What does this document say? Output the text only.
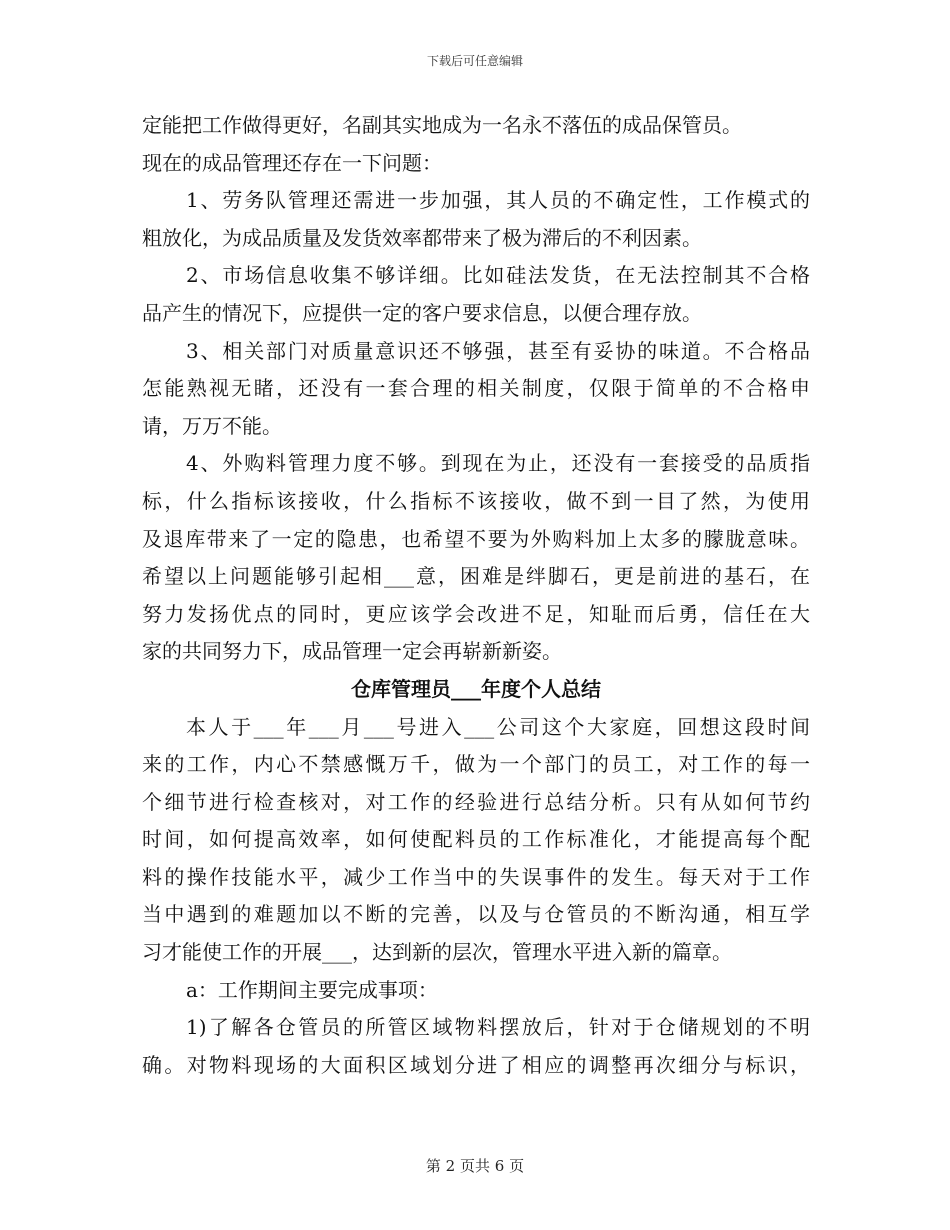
下载后可任意编辑
定能把工作做得更好，名副其实地成为一名永不落伍的成品保管员。
现在的成品管理还存在一下问题：
1、劳务队管理还需进一步加强，其人员的不确定性，工作模式的
粗放化，为成品质量及发货效率都带来了极为滞后的不利因素。
2、市场信息收集不够详细。比如硅法发货，在无法控制其不合格
品产生的情况下，应提供一定的客户要求信息，以便合理存放。
3、相关部门对质量意识还不够强，甚至有妥协的味道。不合格品
怎能熟视无睹，还没有一套合理的相关制度，仅限于简单的不合格申
请，万万不能。
4、外购料管理力度不够。到现在为止，还没有一套接受的品质指
标，什么指标该接收，什么指标不该接收，做不到一目了然，为使用
及退库带来了一定的隐患，也希望不要为外购料加上太多的朦胧意味。
希望以上问题能够引起相___意，困难是绊脚石，更是前进的基石，在
努力发扬优点的同时，更应该学会改进不足，知耻而后勇，信任在大
家的共同努力下，成品管理一定会再崭新新姿。
仓库管理员___年度个人总结
本人于___年___月___号进入___公司这个大家庭，回想这段时间
来的工作，内心不禁感慨万千，做为一个部门的员工，对工作的每一
个细节进行检查核对，对工作的经验进行总结分析。只有从如何节约
时间，如何提高效率，如何使配料员的工作标准化，才能提高每个配
料的操作技能水平，减少工作当中的失误事件的发生。每天对于工作
当中遇到的难题加以不断的完善，以及与仓管员的不断沟通，相互学
习才能使工作的开展___，达到新的层次，管理水平进入新的篇章。
a：工作期间主要完成事项：
1)了解各仓管员的所管区域物料摆放后，针对于仓储规划的不明
确。对物料现场的大面积区域划分进了相应的调整再次细分与标识，
第 2 页共 6 页
